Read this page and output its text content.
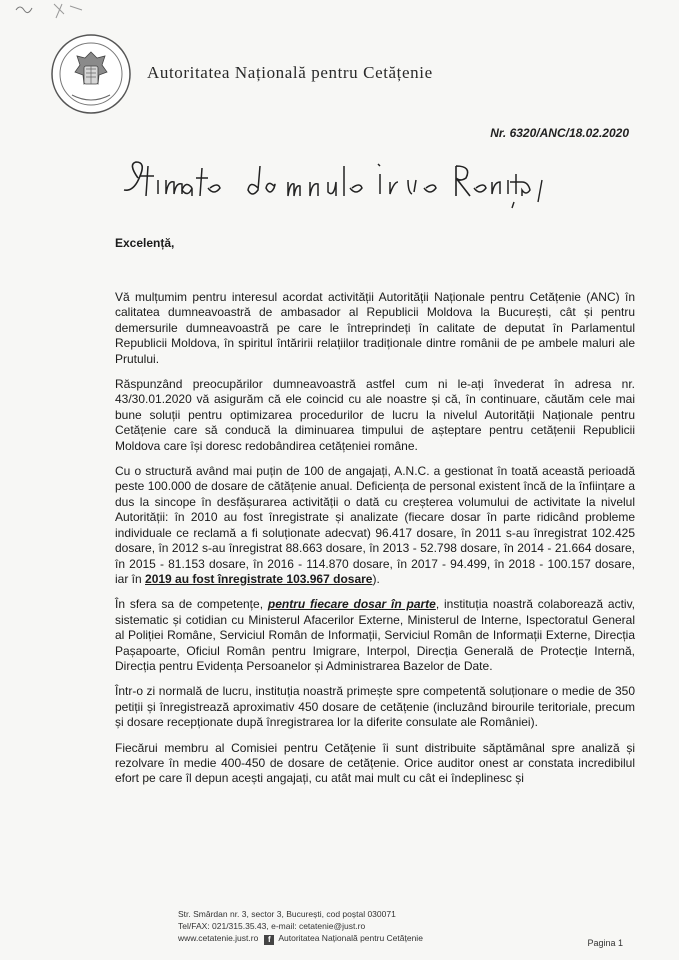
Autoritatea Națională pentru Cetățenie
Nr. 6320/ANC/18.02.2020
Excelență,

Vă mulțumim pentru interesul acordat activității Autorității Naționale pentru Cetățenie (ANC) în calitatea dumneavoastră de ambasador al Republicii Moldova la București, cât și pentru demersurile dumneavoastră pe care le întreprindeți în calitate de deputat în Parlamentul Republicii Moldova, în spiritul întăririi relațiilor tradiționale dintre românii de pe ambele maluri ale Prutului.

Răspunzând preocupărilor dumneavoastră astfel cum ni le-ați învederat în adresa nr. 43/30.01.2020 vă asigurăm că ele coincid cu ale noastre și că, în continuare, căutăm cele mai bune soluții pentru optimizarea procedurilor de lucru la nivelul Autorității Naționale pentru Cetățenie care să conducă la diminuarea timpului de așteptare pentru cetățenii Republicii Moldova care își doresc redobândirea cetățeniei române.

Cu o structură având mai puțin de 100 de angajați, A.N.C. a gestionat în toată această perioadă peste 100.000 de dosare de cătățenie anual. Deficiența de personal existent încă de la înființare a dus la sincope în desfășurarea activității o dată cu creșterea volumului de activitate la nivelul Autorității: în 2010 au fost înregistrate și analizate (fiecare dosar în parte ridicând probleme individuale ce reclamă a fi soluționate adecvat) 96.417 dosare, în 2011 s-au înregistrat 102.425 dosare, în 2012 s-au înregistrat 88.663 dosare, în 2013 - 52.798 dosare, în 2014 - 21.664 dosare, în 2015 - 81.153 dosare, în 2016 - 114.870 dosare, în 2017 - 94.499, în 2018 - 100.157 dosare, iar în 2019 au fost înregistrate 103.967 dosare).

În sfera sa de competențe, pentru fiecare dosar în parte, instituția noastră colaborează activ, sistematic și cotidian cu Ministerul Afacerilor Externe, Ministerul de Interne, Ispectoratul General al Poliției Române, Serviciul Român de Informații, Serviciul Român de Informații Externe, Direcția Pașapoarte, Oficiul Român pentru Imigrare, Interpol, Direcția Generală de Protecție Internă, Direcția pentru Evidența Persoanelor și Administrarea Bazelor de Date.

Într-o zi normală de lucru, instituția noastră primește spre competentă soluționare o medie de 350 petiții și înregistrează aproximativ 450 dosare de cetățenie (incluzând birourile teritoriale, precum și dosare recepționate după înregistrarea lor la diferite consulate ale României).

Fiecărui membru al Comisiei pentru Cetățenie îi sunt distribuite săptămânal spre analiză și rezolvare în medie 400-450 de dosare de cetățenie. Orice auditor onest ar constata incredibilul efort pe care îl depun acești angajați, cu atât mai mult cu cât ei îndeplinesc și

Str. Smârdan nr. 3, sector 3, București, cod poștal 030071
Tel/FAX: 021/315.35.43, e-mail: cetatenie@just.ro
www.cetatenie.just.ro f Autoritatea Națională pentru Cetățenie	Pagina 1
